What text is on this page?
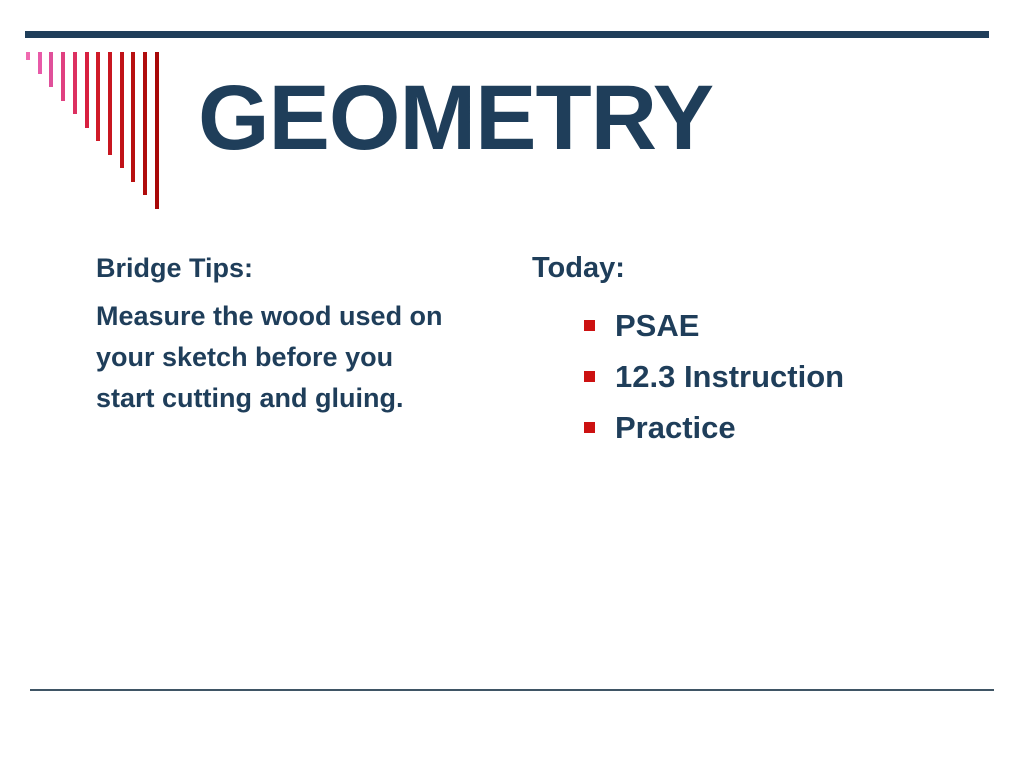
GEOMETRY
Bridge Tips:
Measure the wood used on your sketch before you start cutting and gluing.
Today:
PSAE
12.3 Instruction
Practice
